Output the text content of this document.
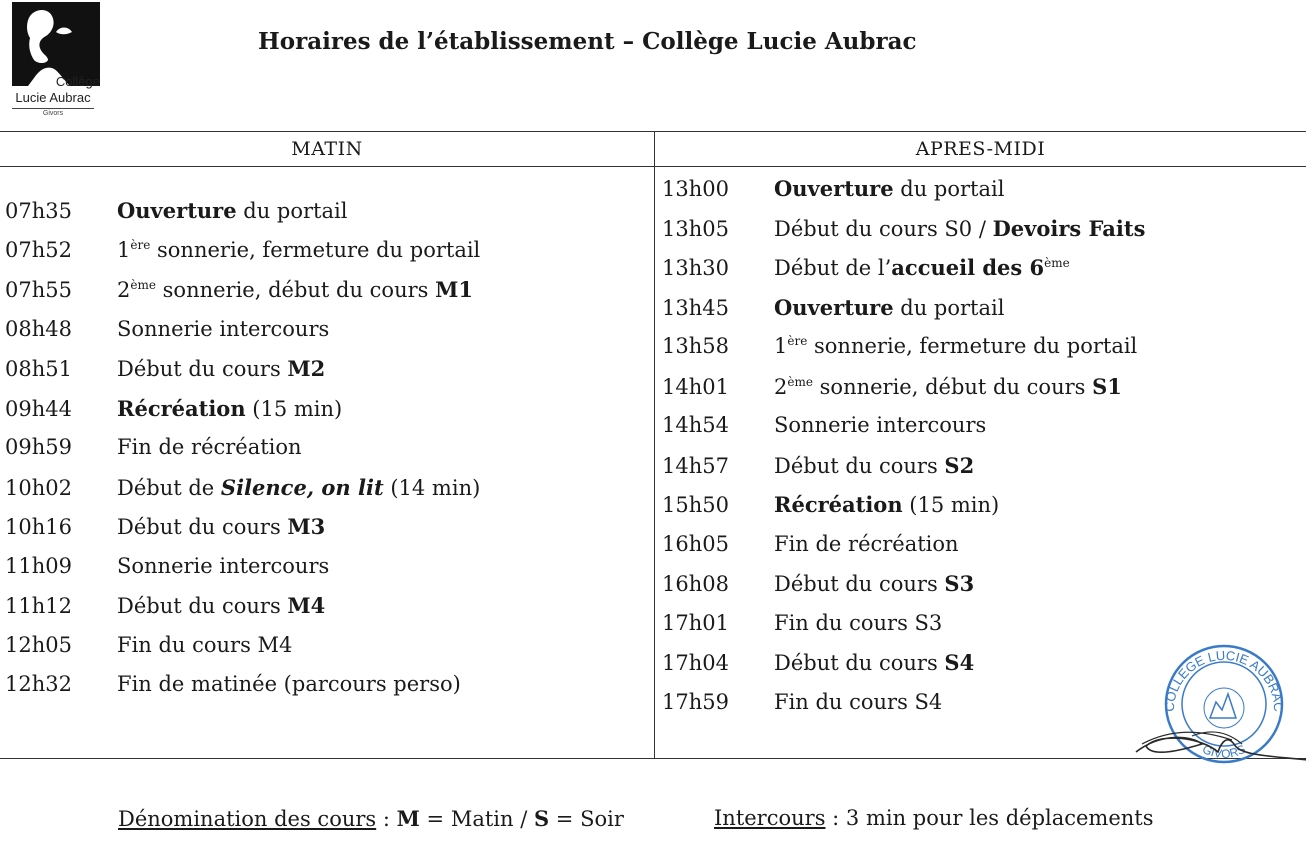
Collège
Lucie Aubrac
Givors
Horaires de l’établissement – Collège Lucie Aubrac
MATIN
07h35 Ouverture du portail
07h52 1ère sonnerie, fermeture du portail
07h55 2ème sonnerie, début du cours M1
08h48 Sonnerie intercours
08h51 Début du cours M2
09h44 Récréation (15 min)
09h59 Fin de récréation
10h02 Début de Silence, on lit (14 min)
10h16 Début du cours M3
11h09 Sonnerie intercours
11h12 Début du cours M4
12h05 Fin du cours M4
12h32 Fin de matinée (parcours perso)
APRES-MIDI
13h00 Ouverture du portail
13h05 Début du cours S0 / Devoirs Faits
13h30 Début de l’accueil des 6ème
13h45 Ouverture du portail
13h58 1ère sonnerie, fermeture du portail
14h01 2ème sonnerie, début du cours S1
14h54 Sonnerie intercours
14h57 Début du cours S2
15h50 Récréation (15 min)
16h05 Fin de récréation
16h08 Début du cours S3
17h01 Fin du cours S3
17h04 Début du cours S4
17h59 Fin du cours S4	COLLEGE LUCIE AUBRAC
GIVORS
Dénomination des cours : M = Matin / S = Soir	Intercours : 3 min pour les déplacements
